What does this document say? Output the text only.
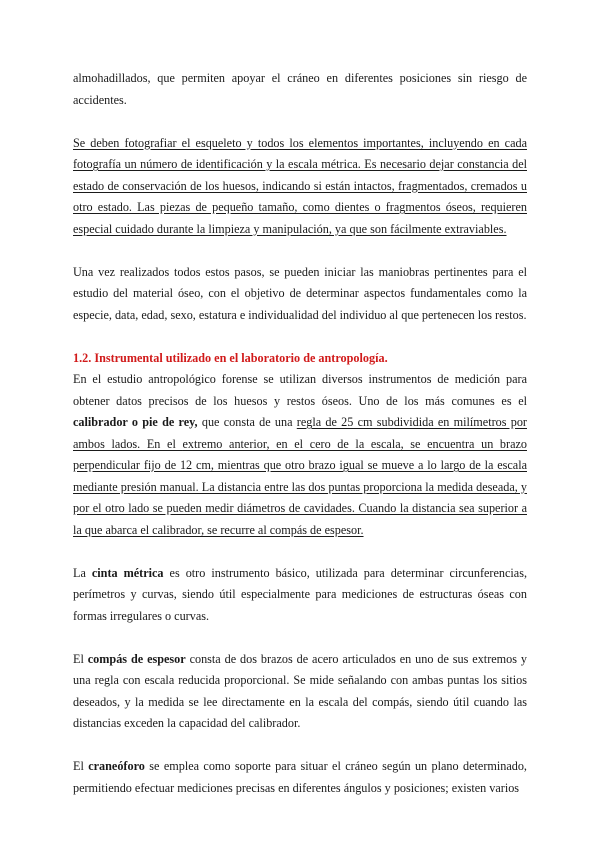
almohadillados, que permiten apoyar el cráneo en diferentes posiciones sin riesgo de accidentes.

Se deben fotografiar el esqueleto y todos los elementos importantes, incluyendo en cada fotografía un número de identificación y la escala métrica. Es necesario dejar constancia del estado de conservación de los huesos, indicando si están intactos, fragmentados, cremados u otro estado. Las piezas de pequeño tamaño, como dientes o fragmentos óseos, requieren especial cuidado durante la limpieza y manipulación, ya que son fácilmente extraviables.

Una vez realizados todos estos pasos, se pueden iniciar las maniobras pertinentes para el estudio del material óseo, con el objetivo de determinar aspectos fundamentales como la especie, data, edad, sexo, estatura e individualidad del individuo al que pertenecen los restos.

1.2. Instrumental utilizado en el laboratorio de antropología.

En el estudio antropológico forense se utilizan diversos instrumentos de medición para obtener datos precisos de los huesos y restos óseos. Uno de los más comunes es el calibrador o pie de rey, que consta de una regla de 25 cm subdividida en milímetros por ambos lados. En el extremo anterior, en el cero de la escala, se encuentra un brazo perpendicular fijo de 12 cm, mientras que otro brazo igual se mueve a lo largo de la escala mediante presión manual. La distancia entre las dos puntas proporciona la medida deseada, y por el otro lado se pueden medir diámetros de cavidades. Cuando la distancia sea superior a la que abarca el calibrador, se recurre al compás de espesor.

La cinta métrica es otro instrumento básico, utilizada para determinar circunferencias, perímetros y curvas, siendo útil especialmente para mediciones de estructuras óseas con formas irregulares o curvas.

El compás de espesor consta de dos brazos de acero articulados en uno de sus extremos y una regla con escala reducida proporcional. Se mide señalando con ambas puntas los sitios deseados, y la medida se lee directamente en la escala del compás, siendo útil cuando las distancias exceden la capacidad del calibrador.

El craneóforo se emplea como soporte para situar el cráneo según un plano determinado, permitiendo efectuar mediciones precisas en diferentes ángulos y posiciones; existen varios
